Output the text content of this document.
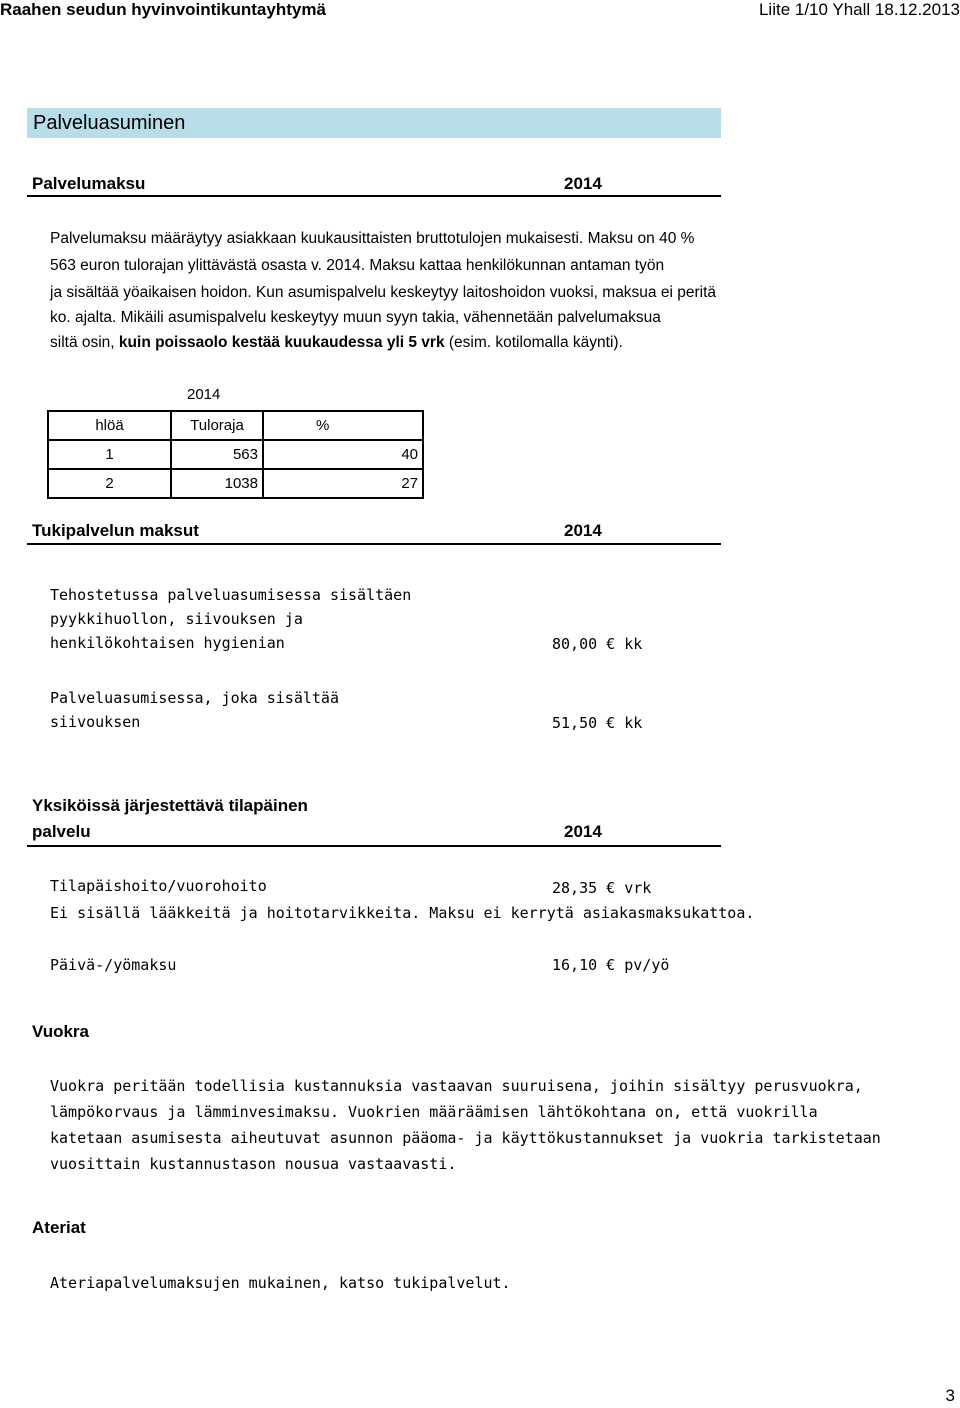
Raahen seudun hyvinvointikuntayhtymä	Liite 1/10 Yhall 18.12.2013
Palveluasuminen
Palvelumaksu	2014
Palvelumaksu määräytyy asiakkaan kuukausittaisten bruttotulojen mukaisesti. Maksu on 40 %
563 euron tulorajan ylittävästä osasta v. 2014. Maksu kattaa henkilökunnan antaman työn
ja sisältää yöaikaisen hoidon. Kun asumispalvelu keskeytyy laitoshoidon vuoksi, maksua ei peritä
ko. ajalta. Mikäili asumispalvelu keskeytyy muun syyn takia, vähennetään palvelumaksua
siltä osin, kuin poissaolo kestää kuukaudessa yli 5 vrk (esim. kotilomalla käynti).
2014
hlöä	Tuloraja	%
1	563	40
2	1038	27
Tukipalvelun maksut	2014
Tehostetussa palveluasumisessa sisältäen
pyykkihuollon, siivouksen ja
henkilökohtaisen hygienian	80,00 € kk
Palveluasumisessa, joka sisältää
siivouksen	51,50 € kk
Yksiköissä järjestettävä tilapäinen
palvelu	2014
Tilapäishoito/vuorohoito	28,35 € vrk
Ei sisällä lääkkeitä ja hoitotarvikkeita. Maksu ei kerrytä asiakasmaksukattoa.
Päivä-/yömaksu	16,10 € pv/yö
Vuokra
Vuokra peritään todellisia kustannuksia vastaavan suuruisena, joihin sisältyy perusvuokra,
lämpökorvaus ja lämminvesimaksu. Vuokrien määräämisen lähtökohtana on, että vuokrilla
katetaan asumisesta aiheutuvat asunnon pääoma- ja käyttökustannukset ja vuokria tarkistetaan
vuosittain kustannustason nousua vastaavasti.
Ateriat
Ateriapalvelumaksujen mukainen, katso tukipalvelut.
3
